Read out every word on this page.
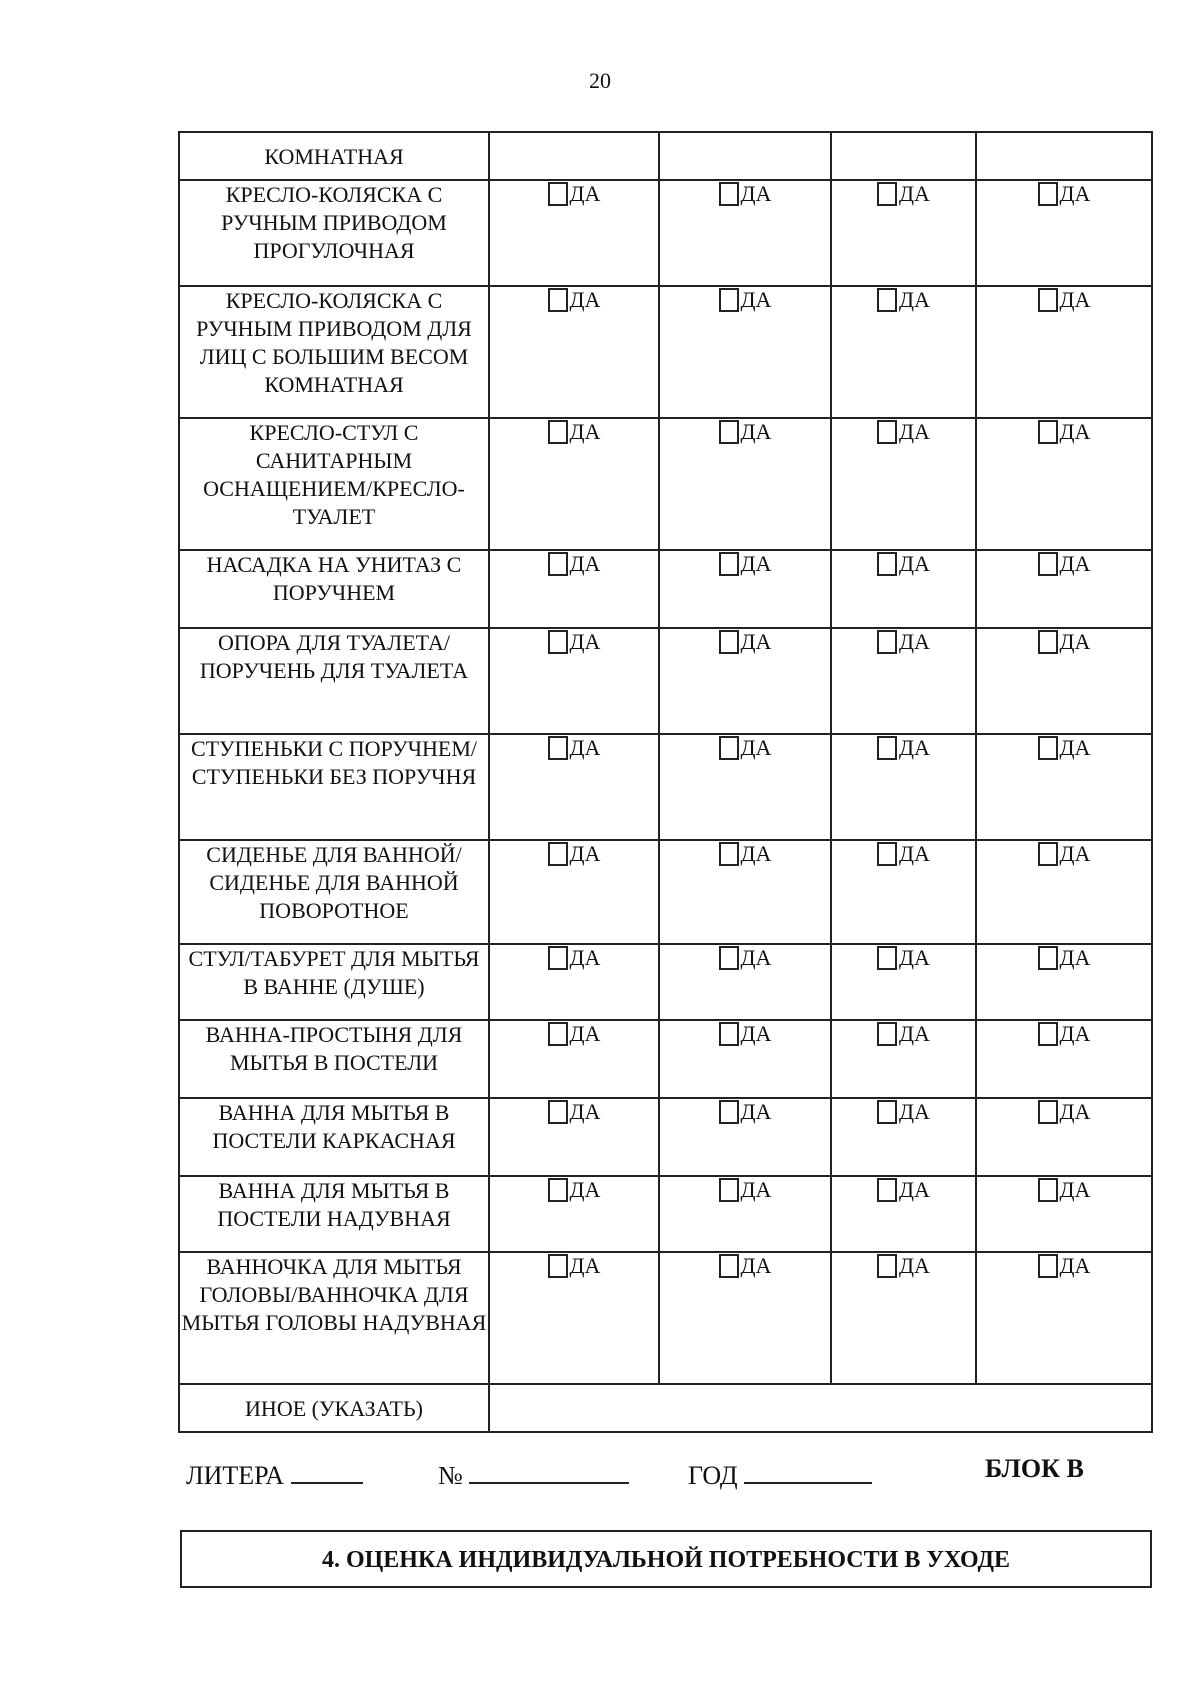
20
КОМНАТНАЯ				
КРЕСЛО-КОЛЯСКА С РУЧНЫМ ПРИВОДОМ ПРОГУЛОЧНАЯ	ДА	ДА	ДА	ДА
КРЕСЛО-КОЛЯСКА С РУЧНЫМ ПРИВОДОМ ДЛЯ ЛИЦ С БОЛЬШИМ ВЕСОМ КОМНАТНАЯ	ДА	ДА	ДА	ДА
КРЕСЛО-СТУЛ С САНИТАРНЫМ ОСНАЩЕНИЕМ/КРЕСЛО-ТУАЛЕТ	ДА	ДА	ДА	ДА
НАСАДКА НА УНИТАЗ С ПОРУЧНЕМ	ДА	ДА	ДА	ДА
ОПОРА ДЛЯ ТУАЛЕТА/ПОРУЧЕНЬ ДЛЯ ТУАЛЕТА	ДА	ДА	ДА	ДА
СТУПЕНЬКИ С ПОРУЧНЕМ/СТУПЕНЬКИ БЕЗ ПОРУЧНЯ	ДА	ДА	ДА	ДА
СИДЕНЬЕ ДЛЯ ВАННОЙ/СИДЕНЬЕ ДЛЯ ВАННОЙ ПОВОРОТНОЕ	ДА	ДА	ДА	ДА
СТУЛ/ТАБУРЕТ ДЛЯ МЫТЬЯ В ВАННЕ (ДУШЕ)	ДА	ДА	ДА	ДА
ВАННА-ПРОСТЫНЯ ДЛЯ МЫТЬЯ В ПОСТЕЛИ	ДА	ДА	ДА	ДА
ВАННА ДЛЯ МЫТЬЯ В ПОСТЕЛИ КАРКАСНАЯ	ДА	ДА	ДА	ДА
ВАННА ДЛЯ МЫТЬЯ В ПОСТЕЛИ НАДУВНАЯ	ДА	ДА	ДА	ДА
ВАННОЧКА ДЛЯ МЫТЬЯ ГОЛОВЫ/ВАННОЧКА ДЛЯ МЫТЬЯ ГОЛОВЫ НАДУВНАЯ	ДА	ДА	ДА	ДА
ИНОЕ (УКАЗАТЬ)				
ЛИТЕРА	№	ГОД	БЛОК В
4. ОЦЕНКА ИНДИВИДУАЛЬНОЙ ПОТРЕБНОСТИ В УХОДЕ
